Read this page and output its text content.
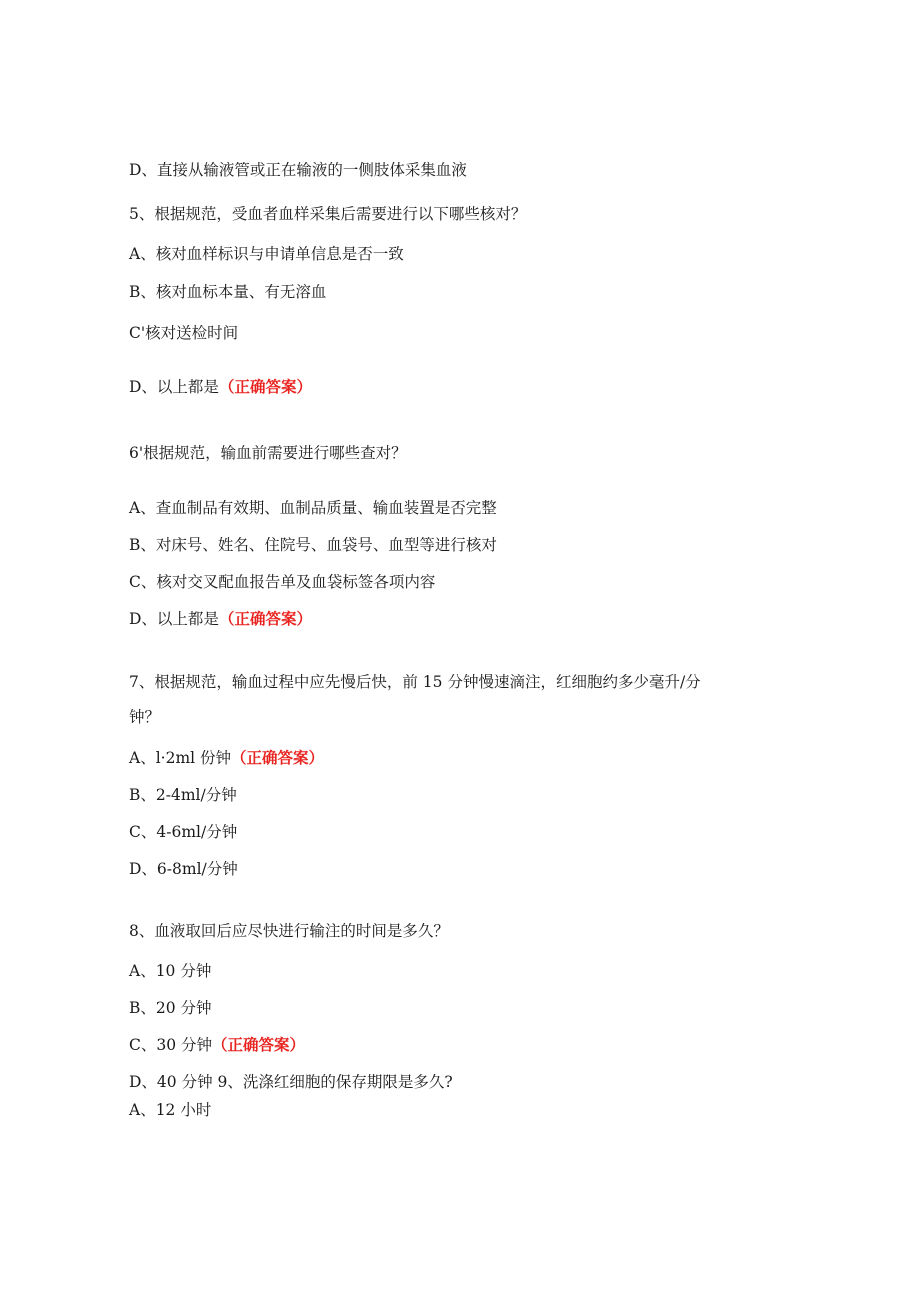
D、直接从输液管或正在输液的一侧肢体采集血液
5、根据规范，受血者血样采集后需要进行以下哪些核对？
A、核对血样标识与申请单信息是否一致
B、核对血标本量、有无溶血
C'核对送检时间
D、以上都是（正确答案）
6'根据规范，输血前需要进行哪些查对？
A、查血制品有效期、血制品质量、输血装置是否完整
B、对床号、姓名、住院号、血袋号、血型等进行核对
C、核对交叉配血报告单及血袋标签各项内容
D、以上都是（正确答案）
7、根据规范，输血过程中应先慢后快，前 15 分钟慢速滴注，红细胞约多少毫升/分
钟？
A、l·2ml 份钟（正确答案）
B、2-4ml∕分钟
C、4-6ml∕分钟
D、6-8ml∕分钟
8、血液取回后应尽快进行输注的时间是多久？
A、10 分钟
B、20 分钟
C、30 分钟（正确答案）
D、40 分钟 9、洗涤红细胞的保存期限是多久?
A、12 小时
